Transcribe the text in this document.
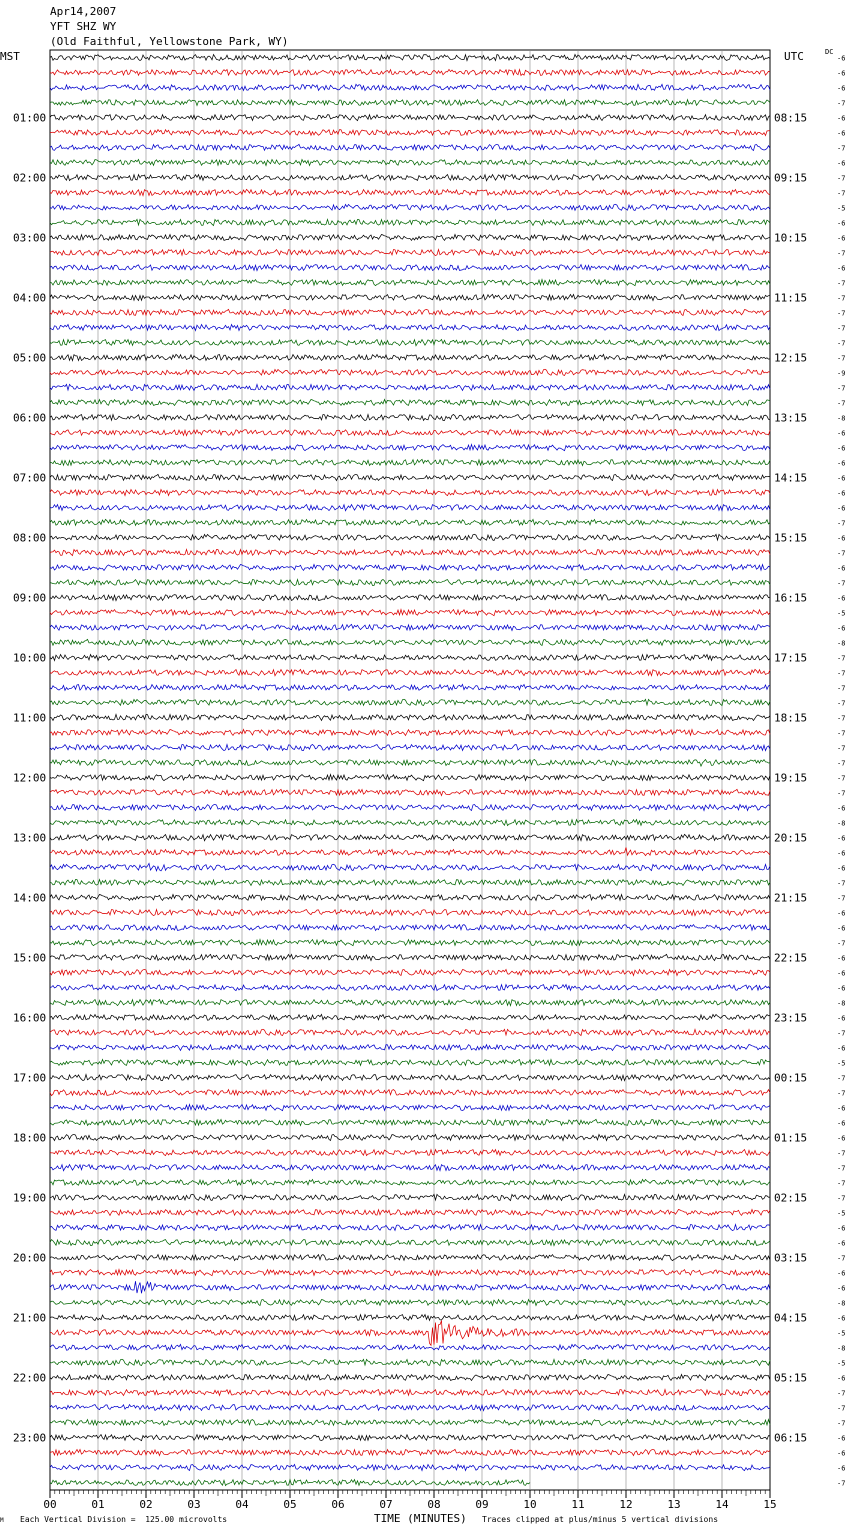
Apr14,2007
YFT SHZ WY
(Old Faithful, Yellowstone Park, WY)
MST	UTC	DC
M Each Vertical Division =  125.00 microvolts	TIME (MINUTES) Traces clipped at plus/minus 5 vertical divisions
01:00
02:00
03:00
04:00
05:00
06:00
07:00
08:00
09:00
10:00
11:00
12:00
13:00
14:00
15:00
16:00
17:00
18:00
19:00
20:00
21:00
22:00
23:00
08:15
09:15
10:15
11:15
12:15
13:15
14:15
15:15
16:15
17:15
18:15
19:15
20:15
21:15
22:15
23:15
00:15
01:15
02:15
03:15
04:15
05:15
06:15
-6
-6
-6
-7
-6
-6
-7
-6
-7
-7
-5
-6
-6
-7
-6
-7
-7
-7
-7
-7
-7
-9
-7
-7
-8
-6
-6
-6
-6
-6
-6
-7
-6
-7
-6
-7
-6
-5
-6
-8
-7
-7
-7
-7
-7
-7
-7
-7
-7
-7
-6
-8
-6
-6
-6
-7
-7
-6
-6
-7
-6
-6
-6
-8
-6
-7
-6
-5
-7
-7
-6
-6
-6
-7
-7
-7
-7
-5
-6
-6
-7
-6
-6
-8
-6
-5
-8
-5
-6
-7
-7
-7
-6
-6
-6
-7
00	01	02	03	04	05	06	07	08	09	10	11	12	13	14	15
